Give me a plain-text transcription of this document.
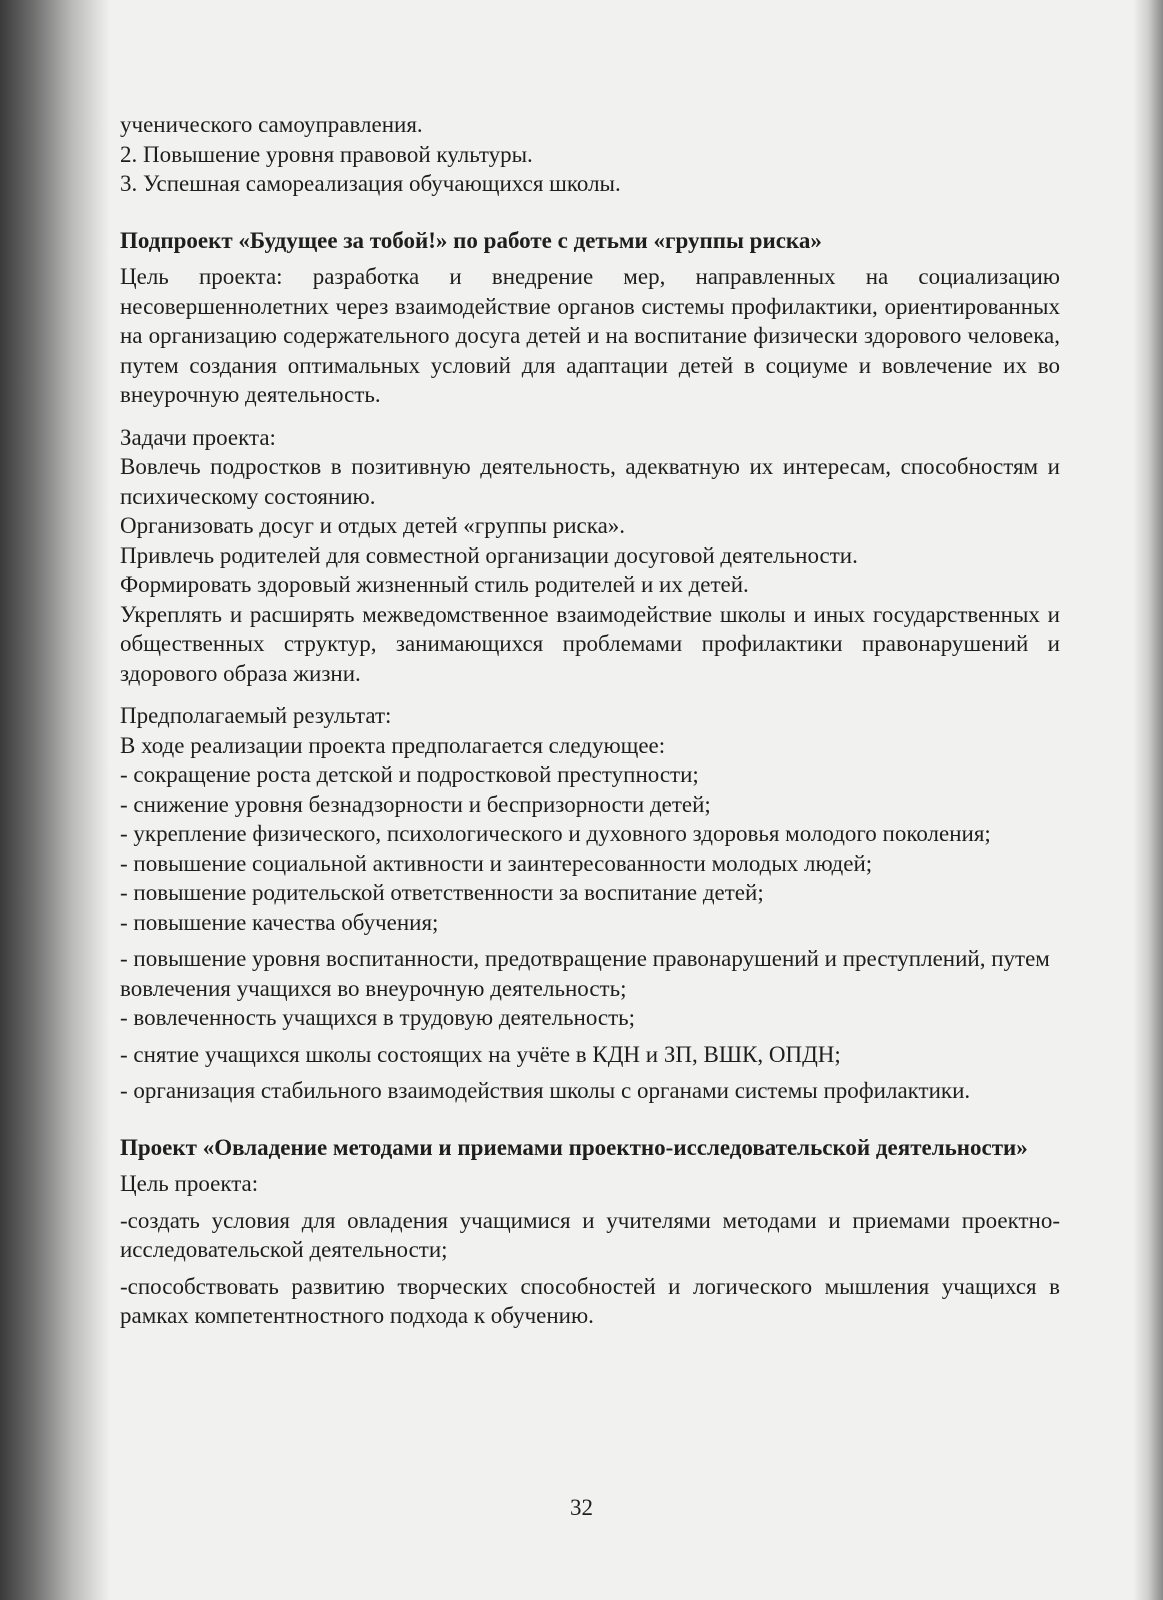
ученического самоуправления.

2. Повышение уровня правовой культуры.

3. Успешная самореализация обучающихся школы.

Подпроект «Будущее за тобой!» по работе с детьми «группы риска»

Цель проекта: разработка и внедрение мер, направленных на социализацию несовершеннолетних через взаимодействие органов системы профилактики, ориентированных на организацию содержательного досуга детей и на воспитание физически здорового человека, путем создания оптимальных условий для адаптации детей в социуме и вовлечение их во внеурочную деятельность.

Задачи проекта:

Вовлечь подростков в позитивную деятельность, адекватную их интересам, способностям и психическому состоянию.

Организовать досуг и отдых детей «группы риска».

Привлечь родителей для совместной организации досуговой деятельности.

Формировать здоровый жизненный стиль родителей и их детей.

Укреплять и расширять межведомственное взаимодействие школы и иных государственных и общественных структур, занимающихся проблемами профилактики правонарушений и здорового образа жизни.

Предполагаемый результат:

В ходе реализации проекта предполагается следующее:

- сокращение роста детской и подростковой преступности;

- снижение уровня безнадзорности и беспризорности детей;

- укрепление физического, психологического и духовного здоровья молодого поколения;

- повышение социальной активности и заинтересованности молодых людей;

- повышение родительской ответственности за воспитание детей;

- повышение качества обучения;

- повышение уровня воспитанности, предотвращение правонарушений и преступлений, путем вовлечения учащихся во внеурочную деятельность;

- вовлеченность учащихся в трудовую деятельность;

- снятие учащихся школы состоящих на учёте в КДН и ЗП, ВШК, ОПДН;

- организация стабильного взаимодействия школы с органами системы профилактики.

Проект «Овладение методами и приемами проектно-исследовательской деятельности»

Цель проекта:

-создать условия для овладения учащимися и учителями методами и приемами проектно-исследовательской деятельности;

-способствовать развитию творческих способностей и логического мышления учащихся в рамках компетентностного подхода к обучению.

32
